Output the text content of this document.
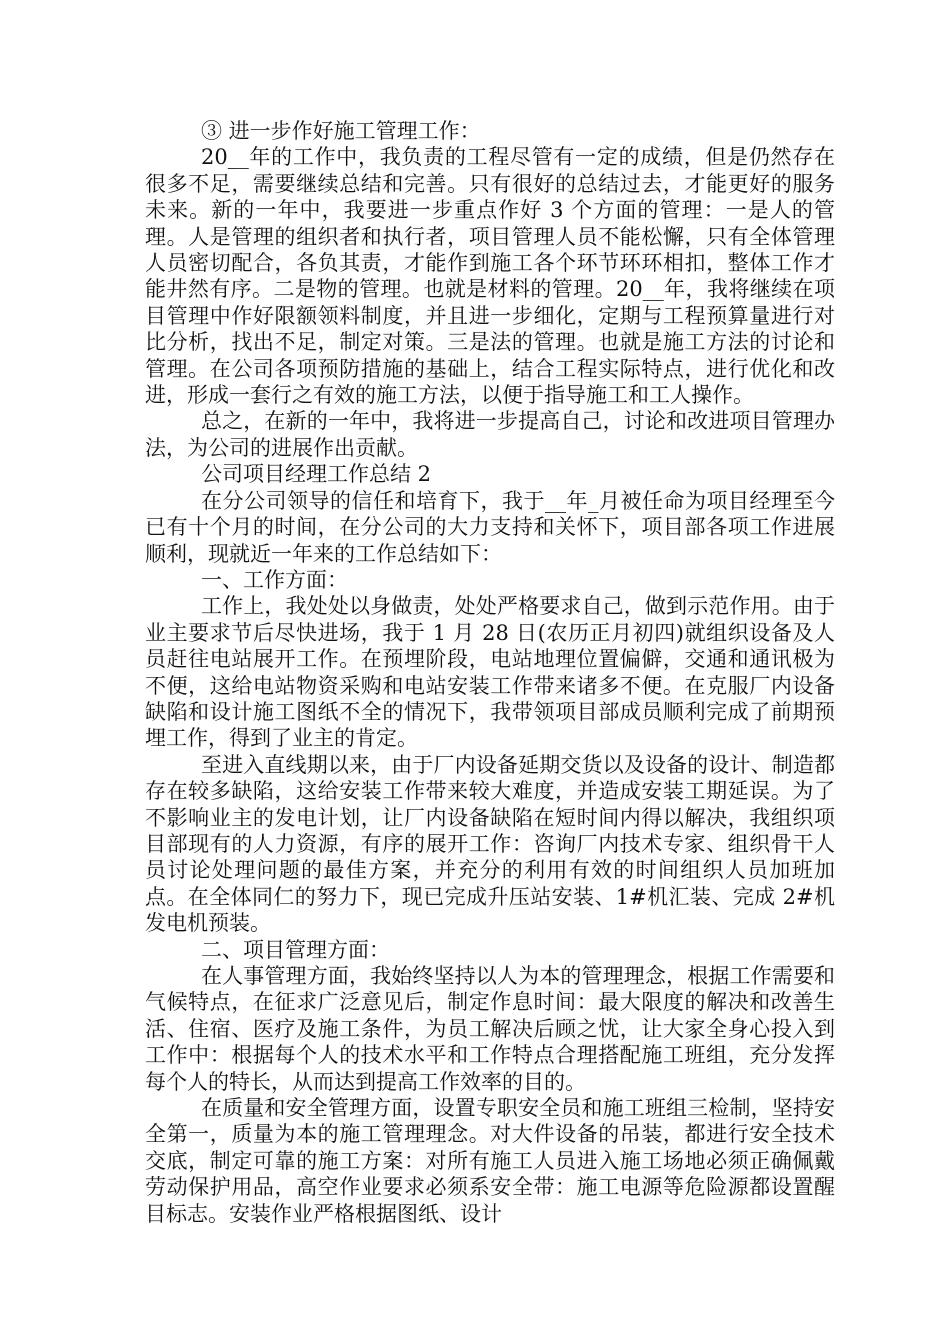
③ 进一步作好施工管理工作：

20__年的工作中，我负责的工程尽管有一定的成绩，但是仍然存在很多不足，需要继续总结和完善。只有很好的总结过去，才能更好的服务未来。新的一年中，我要进一步重点作好 3 个方面的管理：一是人的管理。人是管理的组织者和执行者，项目管理人员不能松懈，只有全体管理人员密切配合，各负其责，才能作到施工各个环节环环相扣，整体工作才能井然有序。二是物的管理。也就是材料的管理。20__年，我将继续在项目管理中作好限额领料制度，并且进一步细化，定期与工程预算量进行对比分析，找出不足，制定对策。三是法的管理。也就是施工方法的讨论和管理。在公司各项预防措施的基础上，结合工程实际特点，进行优化和改进，形成一套行之有效的施工方法，以便于指导施工和工人操作。

总之，在新的一年中，我将进一步提高自己，讨论和改进项目管理办法，为公司的进展作出贡献。

公司项目经理工作总结 2

在分公司领导的信任和培育下，我于__年_月被任命为项目经理至今已有十个月的时间，在分公司的大力支持和关怀下，项目部各项工作进展顺利，现就近一年来的工作总结如下：

一、工作方面：

工作上，我处处以身做责，处处严格要求自己，做到示范作用。由于业主要求节后尽快进场，我于 1 月 28 日(农历正月初四)就组织设备及人员赶往电站展开工作。在预埋阶段，电站地理位置偏僻，交通和通讯极为不便，这给电站物资采购和电站安装工作带来诸多不便。在克服厂内设备缺陷和设计施工图纸不全的情况下，我带领项目部成员顺利完成了前期预埋工作，得到了业主的肯定。

至进入直线期以来，由于厂内设备延期交货以及设备的设计、制造都存在较多缺陷，这给安装工作带来较大难度，并造成安装工期延误。为了不影响业主的发电计划，让厂内设备缺陷在短时间内得以解决，我组织项目部现有的人力资源，有序的展开工作：咨询厂内技术专家、组织骨干人员讨论处理问题的最佳方案，并充分的利用有效的时间组织人员加班加点。在全体同仁的努力下，现已完成升压站安装、1#机汇装、完成 2#机发电机预装。

二、项目管理方面：

在人事管理方面，我始终坚持以人为本的管理理念，根据工作需要和气候特点，在征求广泛意见后，制定作息时间：最大限度的解决和改善生活、住宿、医疗及施工条件，为员工解决后顾之忧，让大家全身心投入到工作中：根据每个人的技术水平和工作特点合理搭配施工班组，充分发挥每个人的特长，从而达到提高工作效率的目的。

在质量和安全管理方面，设置专职安全员和施工班组三检制，坚持安全第一，质量为本的施工管理理念。对大件设备的吊装，都进行安全技术交底，制定可靠的施工方案：对所有施工人员进入施工场地必须正确佩戴劳动保护用品，高空作业要求必须系安全带：施工电源等危险源都设置醒目标志。安装作业严格根据图纸、设计
